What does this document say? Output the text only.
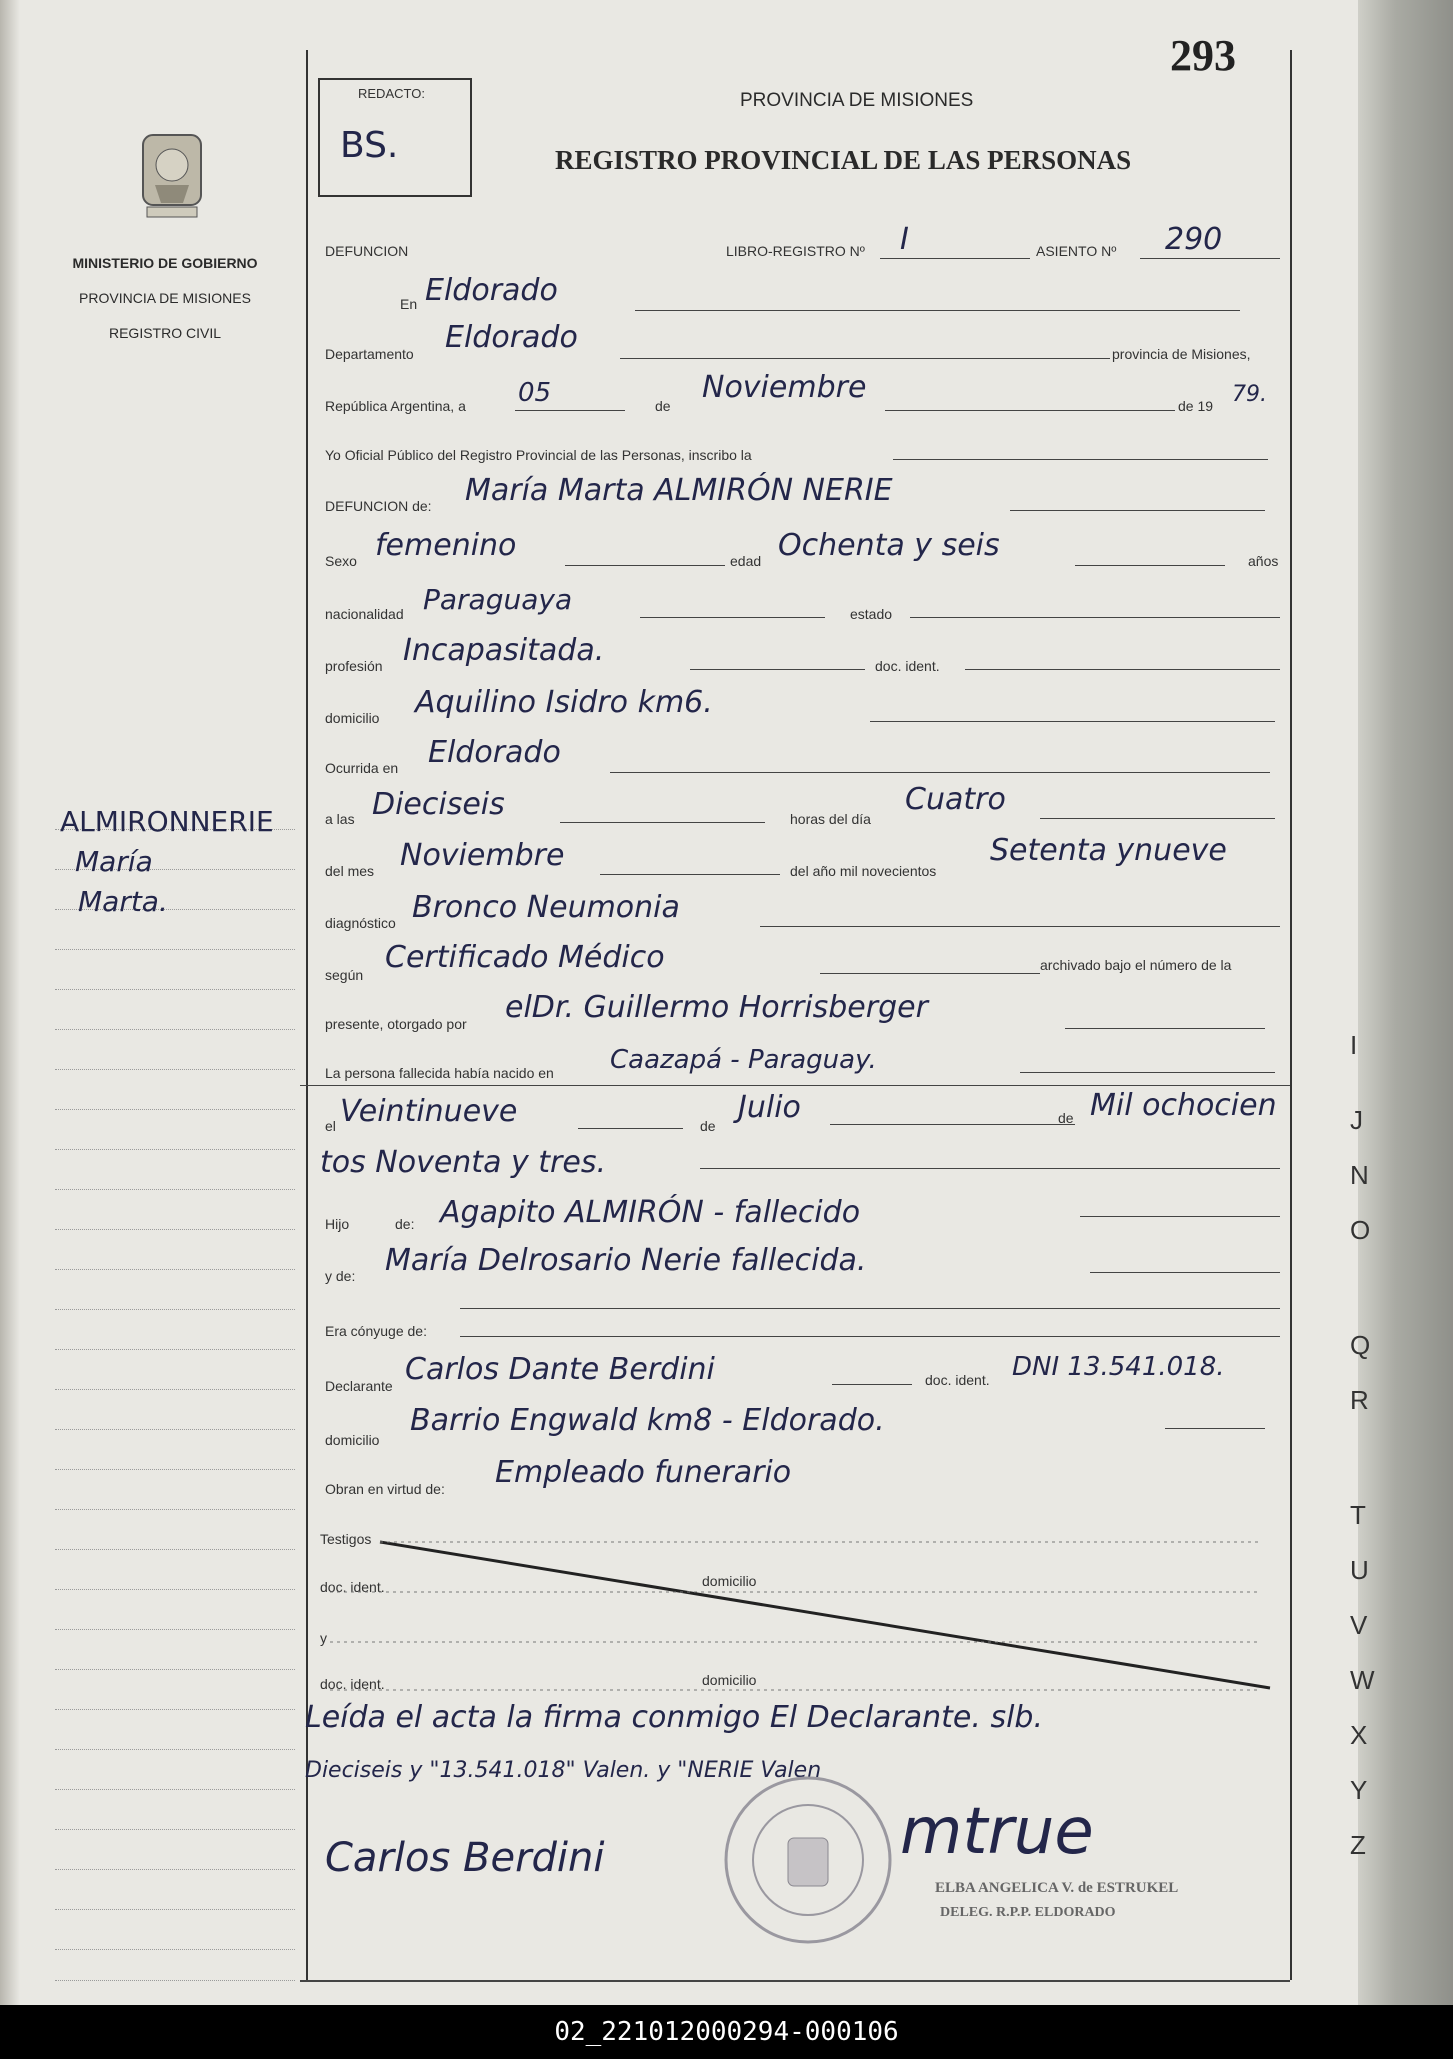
MINISTERIO DE GOBIERNO
PROVINCIA DE MISIONES
REGISTRO CIVIL
ALMIRONNERIE
María
Marta.
293
REDACTO:
BS.
PROVINCIA DE MISIONES
REGISTRO PROVINCIAL DE LAS PERSONAS
DEFUNCION	LIBRO-REGISTRO Nº I	ASIENTO Nº 290
En Eldorado
Departamento Eldorado	provincia de Misiones,
República Argentina, a 05	de
Noviembre
de 19 79.
Yo Oficial Público del Registro Provincial de las Personas, inscribo la
DEFUNCION de: María Marta ALMIRÓN NERIE
Sexo femenino	edad Ochenta y seis	años
nacionalidad Paraguaya	estado
profesión Incapasitada.	doc. ident.
domicilio Aquilino Isidro km6.
Ocurrida en Eldorado
a las Dieciseis	horas del día
Cuatro
del mes Noviembre	del año mil novecientos
Setenta ynueve
diagnóstico Bronco Neumonia
según Certificado Médico	archivado bajo el número de la
presente, otorgado por elDr. Guillermo Horrisberger
La persona fallecida había nacido en Caazapá - Paraguay.
el Veintinueve	de
Julio	de Mil ochocien
tos Noventa y tres.
Hijo	de: Agapito ALMIRÓN - fallecido
y de: María Delrosario Nerie fallecida.
Era cónyuge de:
Declarante Carlos Dante Berdini	doc. ident. DNI 13.541.018.
domicilio
Barrio Engwald km8 - Eldorado.
Obran en virtud de: Empleado funerario
Testigos
doc. ident.	domicilio
y
doc. ident.	domicilio
Leída el acta la firma conmigo El Declarante. slb.
Dieciseis y "13.541.018" Valen. y "NERIE Valen
Carlos Berdini	mtrue
ELBA ANGELICA V. de ESTRUKEL
DELEG. R.P.P. ELDORADO
I
J
N
O
Q
R
T
U
V
W
X
Y
Z
02_221012000294-000106
